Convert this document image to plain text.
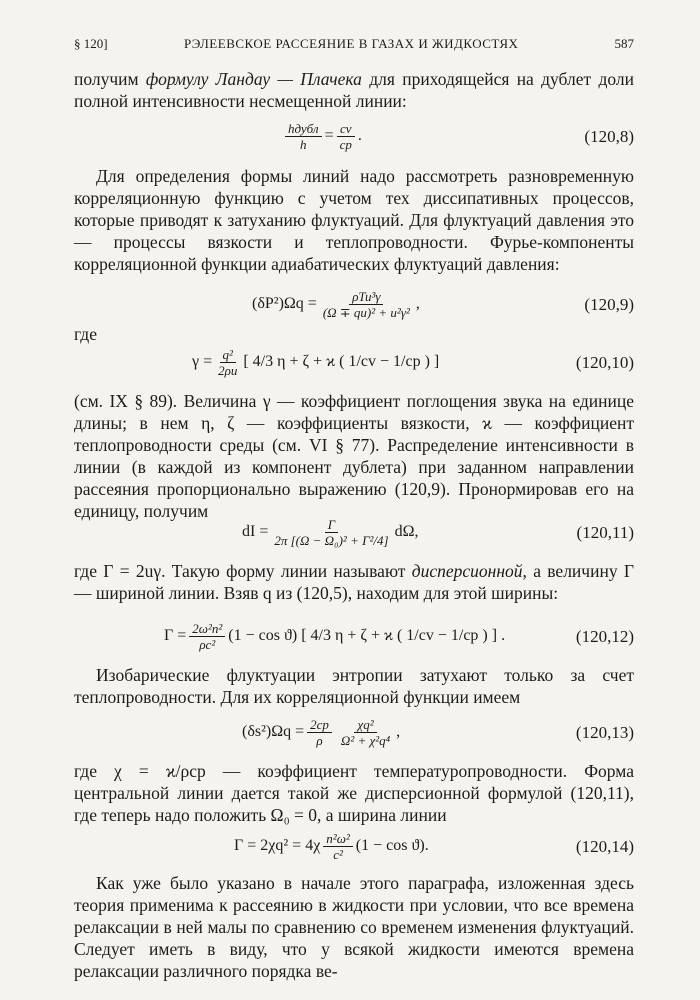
§ 120]	РЭЛЕЕВСКОЕ РАССЕЯНИЕ В ГАЗАХ И ЖИДКОСТЯХ	587
получим формулу Ландау — Плачека для приходящейся на дублет доли полной интенсивности несмещенной линии:
$\frac{\text{hдубл}}{h} = \frac{cv}{cp}$ .	(120,8)
Для определения формы линий надо рассмотреть разновременную корреляционную функцию с учетом тех диссипативных процессов, которые приводят к затуханию флуктуаций. Для флуктуаций давления это — процессы вязкости и теплопроводности. Фурье-компоненты корреляционной функции адиабатических флуктуаций давления:
$(\delta P^2)\Omega q = \frac{\text{ρTu³γ}}{\text{(Ω ∓ qu)² + u²γ²}}$ ,	(120,9)
где
$\gamma = \frac{\text{q²}}{2\rho u}$ [ 4/3 η + ζ + ϰ ( 1/cv − 1/cp ) ]	(120,10)
(см. IX § 89). Величина γ — коэффициент поглощения звука на единице длины; в нем η, ζ — коэффициенты вязкости, ϰ — коэффициент теплопроводности среды (см. VI § 77). Распределение интенсивности в линии (в каждой из компонент дублета) при заданном направлении рассеяния пропорционально выражению (120,9). Пронормировав его на единицу, получим
dI = $\frac{\Gamma}{\text{2π [(Ω − Ω₀)² + Γ²/4]}} d\Omega$,	(120,11)
где Γ = 2uγ. Такую форму линии называют дисперсионной, а величину Γ — шириной линии. Взяв q из (120,5), находим для этой ширины:
$\Gamma = \frac{\text{2ω²n²}}{\text{ρc²}} (1 - \cos ϑ)$ [ 4/3 η + ζ + ϰ ( 1/cv − 1/cp ) ] .	(120,12)
Изобарические флуктуации энтропии затухают только за счет теплопроводности. Для их корреляционной функции имеем
$(\delta s^2)\Omega q = \frac{2cp}{\rho} \frac{\text{χq²}}{\text{Ω² + χ²q⁴}}$ ,	(120,13)
где χ = ϰ/ρcp — коэффициент температуропроводности. Форма центральной линии дается такой же дисперсионной формулой (120,11), где теперь надо положить Ω₀ = 0, а ширина линии
$\Gamma = 2\chi q^2 = 4\chi \frac{\text{n²ω²}}{\text{c²}} (1 - \cos ϑ)$.	(120,14)
Как уже было указано в начале этого параграфа, изложенная здесь теория применима к рассеянию в жидкости при условии, что все времена релаксации в ней малы по сравнению со временем изменения флуктуаций. Следует иметь в виду, что у всякой жидкости имеются времена релаксации различного порядка ве-
